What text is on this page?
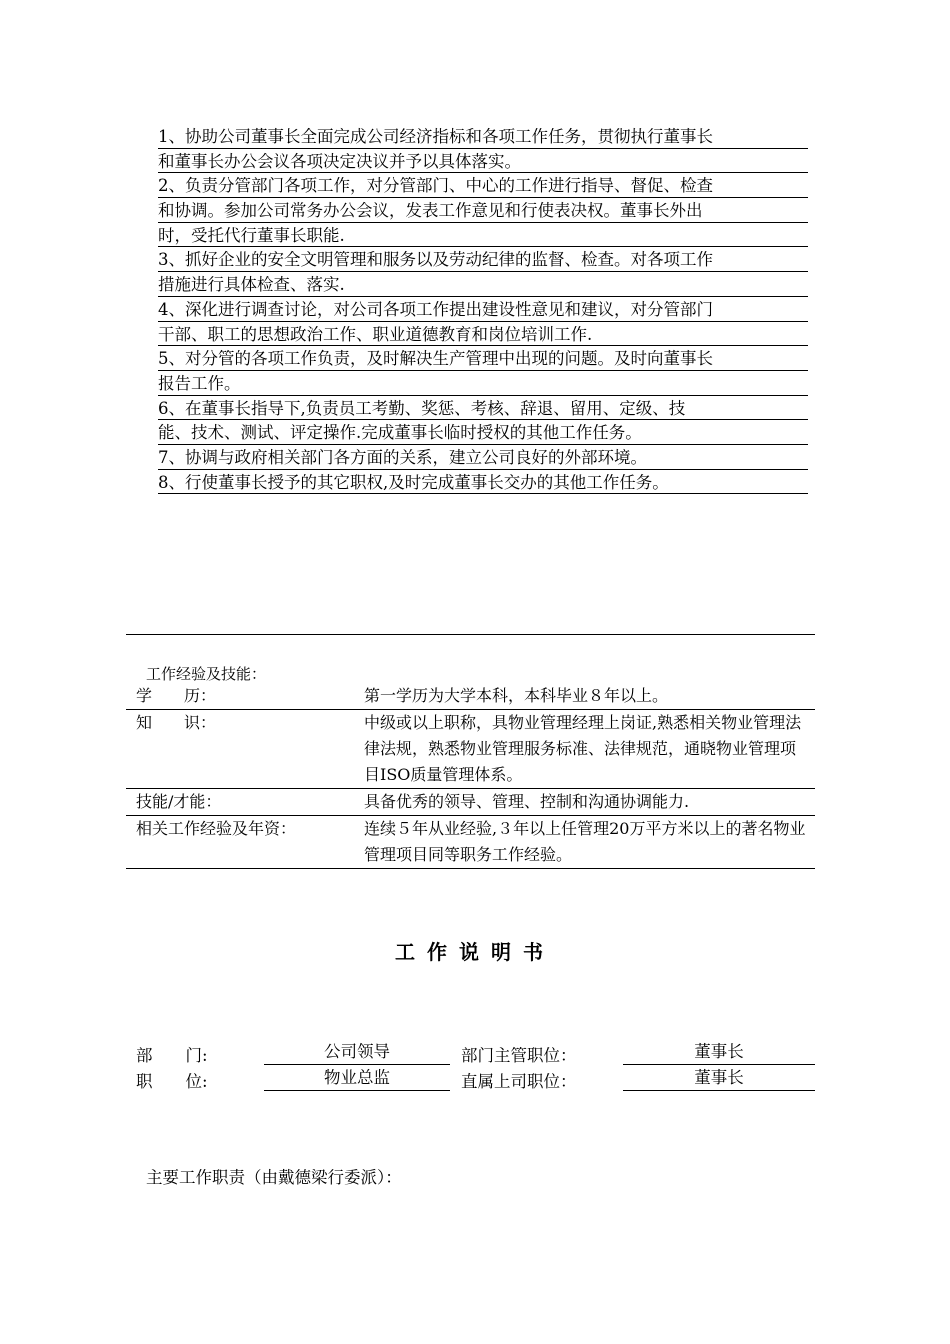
1、协助公司董事长全面完成公司经济指标和各项工作任务，贯彻执行董事长
和董事长办公会议各项决定决议并予以具体落实。
2、负责分管部门各项工作，对分管部门、中心的工作进行指导、督促、检查
和协调。参加公司常务办公会议，发表工作意见和行使表决权。董事长外出
时，受托代行董事长职能.
3、抓好企业的安全文明管理和服务以及劳动纪律的监督、检查。对各项工作
措施进行具体检查、落实.
4、深化进行调查讨论，对公司各项工作提出建设性意见和建议，对分管部门
干部、职工的思想政治工作、职业道德教育和岗位培训工作.
5、对分管的各项工作负责，及时解决生产管理中出现的问题。及时向董事长
报告工作。
6、在董事长指导下,负责员工考勤、奖惩、考核、辞退、留用、定级、技
能、技术、测试、评定操作.完成董事长临时授权的其他工作任务。
7、协调与政府相关部门各方面的关系，建立公司良好的外部环境。
8、行使董事长授予的其它职权,及时完成董事长交办的其他工作任务。
工作经验及技能：
学　　历：	第一学历为大学本科，本科毕业８年以上。
知　　识：	中级或以上职称，具物业管理经理上岗证,熟悉相关物业管理法律法规，熟悉物业管理服务标准、法律规范，通晓物业管理项目ISO质量管理体系。
技能/才能：	具备优秀的领导、管理、控制和沟通协调能力.
相关工作经验及年资：	连续５年从业经验,３年以上任管理20万平方米以上的著名物业管理项目同等职务工作经验。
工作说明书
部　　门:	公司领导	部门主管职位：	董事长
职　　位:	物业总监	直属上司职位：	董事长
主要工作职责（由戴德梁行委派）：
